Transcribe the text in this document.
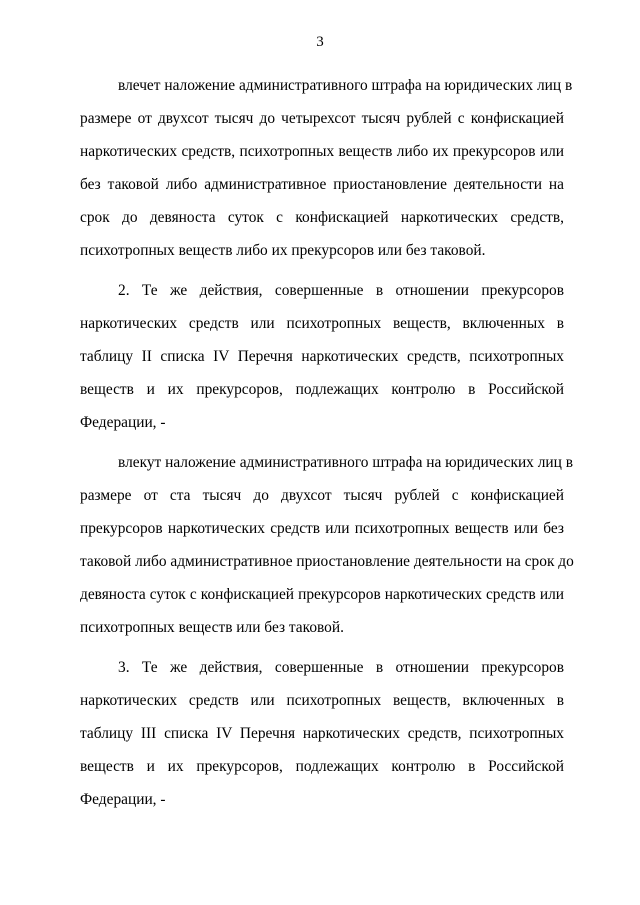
3
влечет наложение административного штрафа на юридических лиц в
размере от двухсот тысяч до четырехсот тысяч рублей с конфискацией
наркотических средств, психотропных веществ либо их прекурсоров или
без таковой либо административное приостановление деятельности на
срок до девяноста суток с конфискацией наркотических средств,
психотропных веществ либо их прекурсоров или без таковой.
2. Те же действия, совершенные в отношении прекурсоров
наркотических средств или психотропных веществ, включенных в
таблицу II списка IV Перечня наркотических средств, психотропных
веществ и их прекурсоров, подлежащих контролю в Российской
Федерации, -
влекут наложение административного штрафа на юридических лиц в
размере от ста тысяч до двухсот тысяч рублей с конфискацией
прекурсоров наркотических средств или психотропных веществ или без
таковой либо административное приостановление деятельности на срок до
девяноста суток с конфискацией прекурсоров наркотических средств или
психотропных веществ или без таковой.
3. Те же действия, совершенные в отношении прекурсоров
наркотических средств или психотропных веществ, включенных в
таблицу III списка IV Перечня наркотических средств, психотропных
веществ и их прекурсоров, подлежащих контролю в Российской
Федерации, -
